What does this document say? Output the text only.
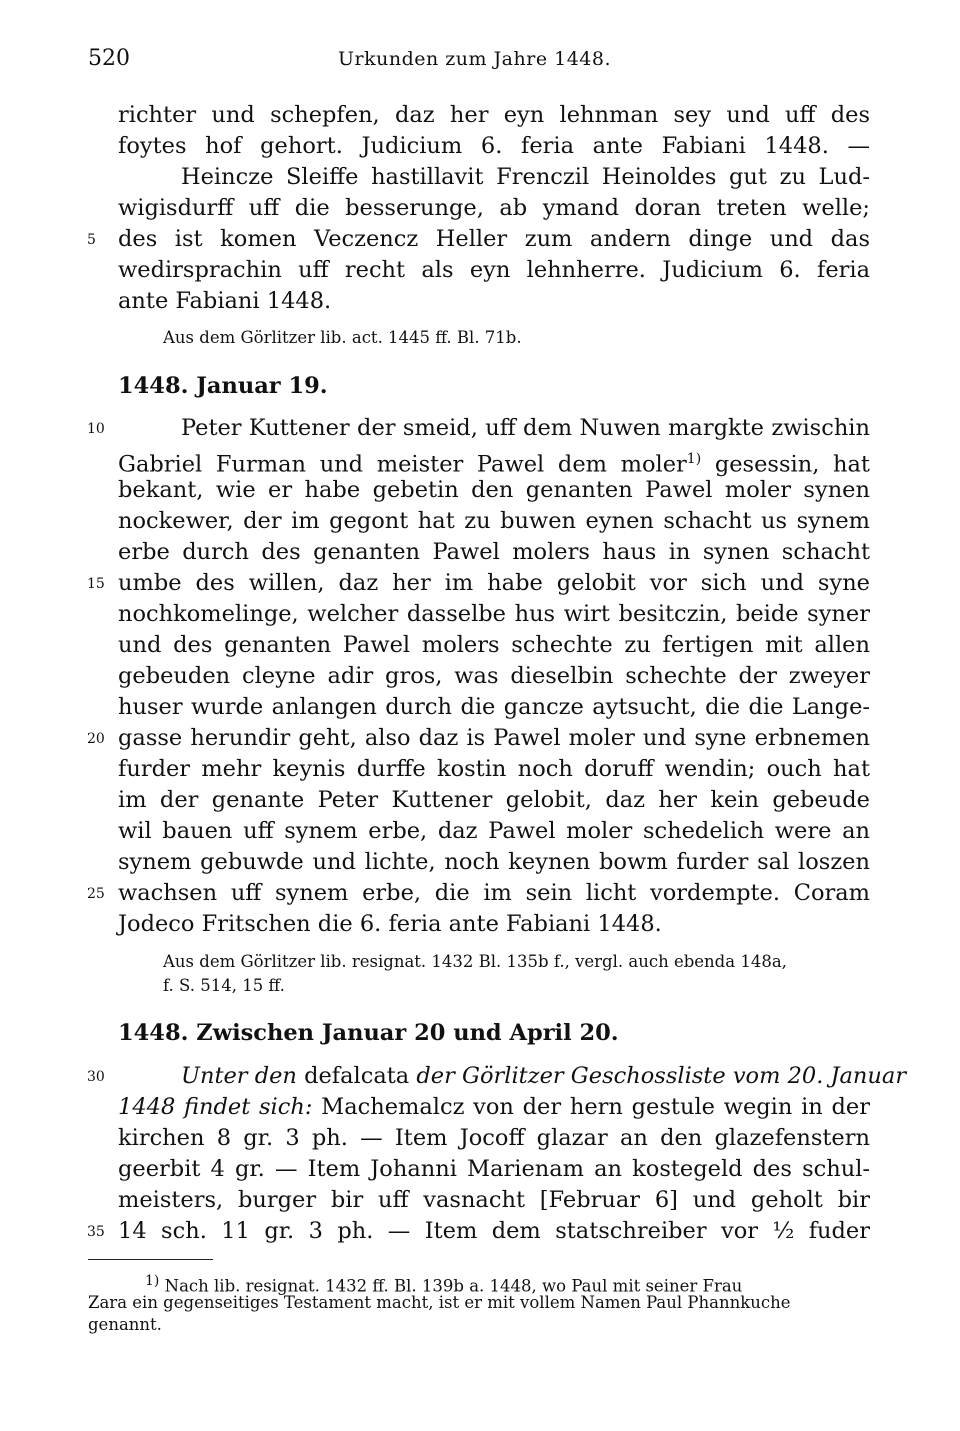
520	Urkunden zum Jahre 1448.
richter und schepfen, daz her eyn lehnman sey und uff des
foytes hof gehort. Judicium 6. feria ante Fabiani 1448. —
Heincze Sleiffe hastillavit Frenczil Heinoldes gut zu Lud-
wigisdurff uff die besserunge, ab ymand doran treten welle;
5 des ist komen Veczencz Heller zum andern dinge und das
wedirsprachin uff recht als eyn lehnherre. Judicium 6. feria
ante Fabiani 1448.
Aus dem Görlitzer lib. act. 1445 ff. Bl. 71b.
1448. Januar 19.
10	Peter Kuttener der smeid, uff dem Nuwen margkte zwischin
Gabriel Furman und meister Pawel dem moler$^{1)}$ gesessin, hat
bekant, wie er habe gebetin den genanten Pawel moler synen
nockewer, der im gegont hat zu buwen eynen schacht us synem
erbe durch des genanten Pawel molers haus in synen schacht
15 umbe des willen, daz her im habe gelobit vor sich und syne
nochkomelinge, welcher dasselbe hus wirt besitczin, beide syner
und des genanten Pawel molers schechte zu fertigen mit allen
gebeuden cleyne adir gros, was dieselbin schechte der zweyer
huser wurde anlangen durch die gancze aytsucht, die die Lange-
20 gasse herundir geht, also daz is Pawel moler und syne erbnemen
furder mehr keynis durffe kostin noch doruff wendin; ouch hat
im der genante Peter Kuttener gelobit, daz her kein gebeude
wil bauen uff synem erbe, daz Pawel moler schedelich were an
synem gebuwde und lichte, noch keynen bowm furder sal loszen
25 wachsen uff synem erbe, die im sein licht vordempte. Coram
Jodeco Fritschen die 6. feria ante Fabiani 1448.
Aus dem Görlitzer lib. resignat. 1432 Bl. 135b f., vergl. auch ebenda 148a,
f. S. 514, 15 ff.
1448. Zwischen Januar 20 und April 20.
30	Unter den defalcata der Görlitzer Geschossliste vom 20. Januar
1448 findet sich: Machemalcz von der hern gestule wegin in der
kirchen 8 gr. 3 ph. — Item Jocoff glazar an den glazefenstern
geerbit 4 gr. — Item Johanni Marienam an kostegeld des schul-
meisters, burger bir uff vasnacht [Februar 6] und geholt bir
35 14 sch. 11 gr. 3 ph. — Item dem statschreiber vor ½ fuder
$^{1)}$ Nach lib. resignat. 1432 ff. Bl. 139b a. 1448, wo Paul mit seiner Frau
Zara ein gegenseitiges Testament macht, ist er mit vollem Namen Paul Phannkuche
genannt.
